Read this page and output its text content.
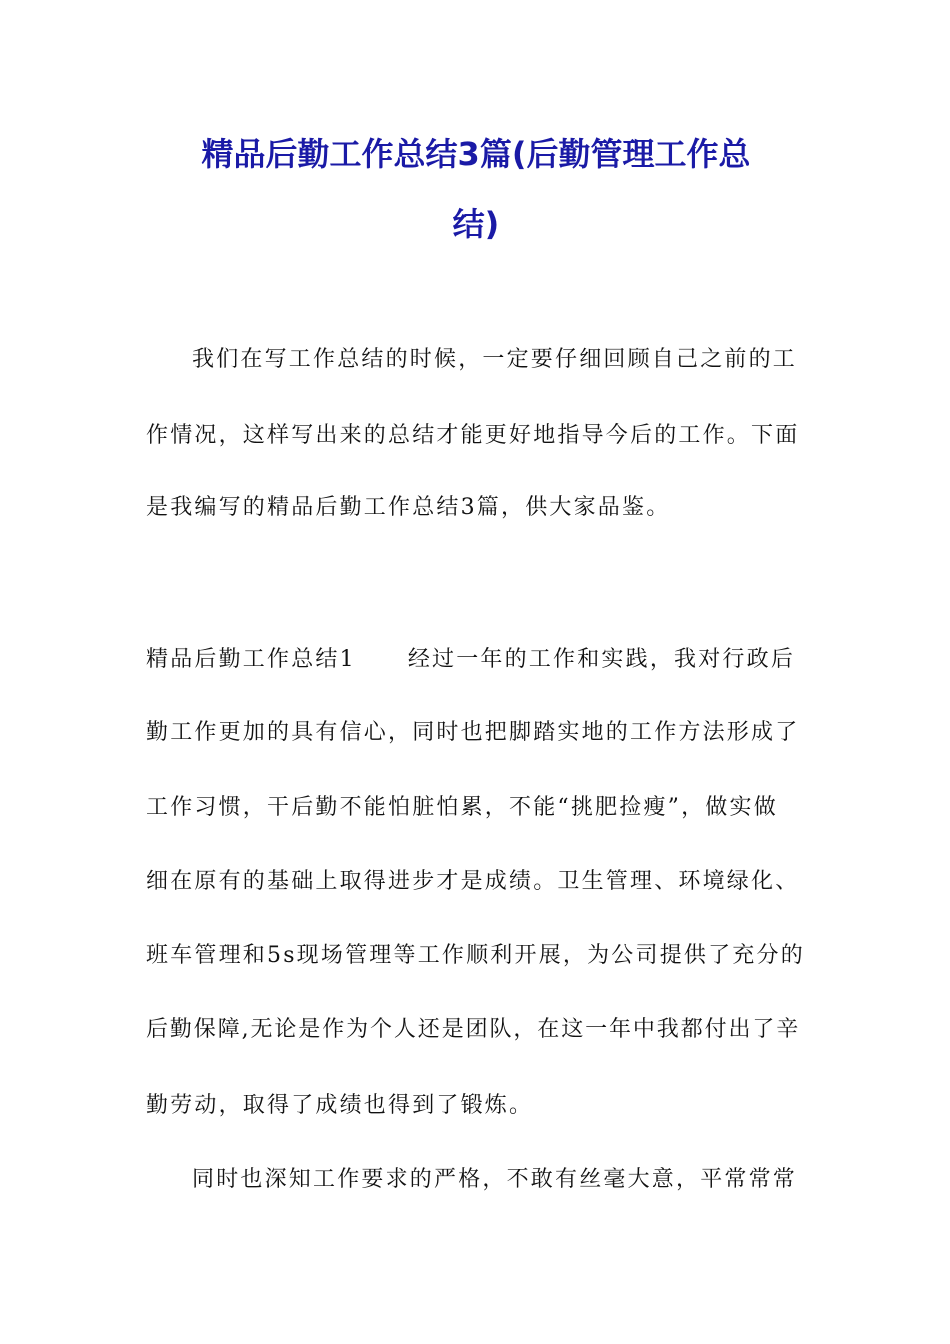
精品后勤工作总结3篇(后勤管理工作总
结)
我们在写工作总结的时候，一定要仔细回顾自己之前的工
作情况，这样写出来的总结才能更好地指导今后的工作。下面
是我编写的精品后勤工作总结3篇，供大家品鉴。
精品后勤工作总结1 经过一年的工作和实践，我对行政后
勤工作更加的具有信心，同时也把脚踏实地的工作方法形成了
工作习惯，干后勤不能怕脏怕累，不能“挑肥捡瘦”，做实做
细在原有的基础上取得进步才是成绩。卫生管理、环境绿化、
班车管理和5s现场管理等工作顺利开展，为公司提供了充分的
后勤保障,无论是作为个人还是团队，在这一年中我都付出了辛
勤劳动，取得了成绩也得到了锻炼。
同时也深知工作要求的严格，不敢有丝毫大意，平常常常
